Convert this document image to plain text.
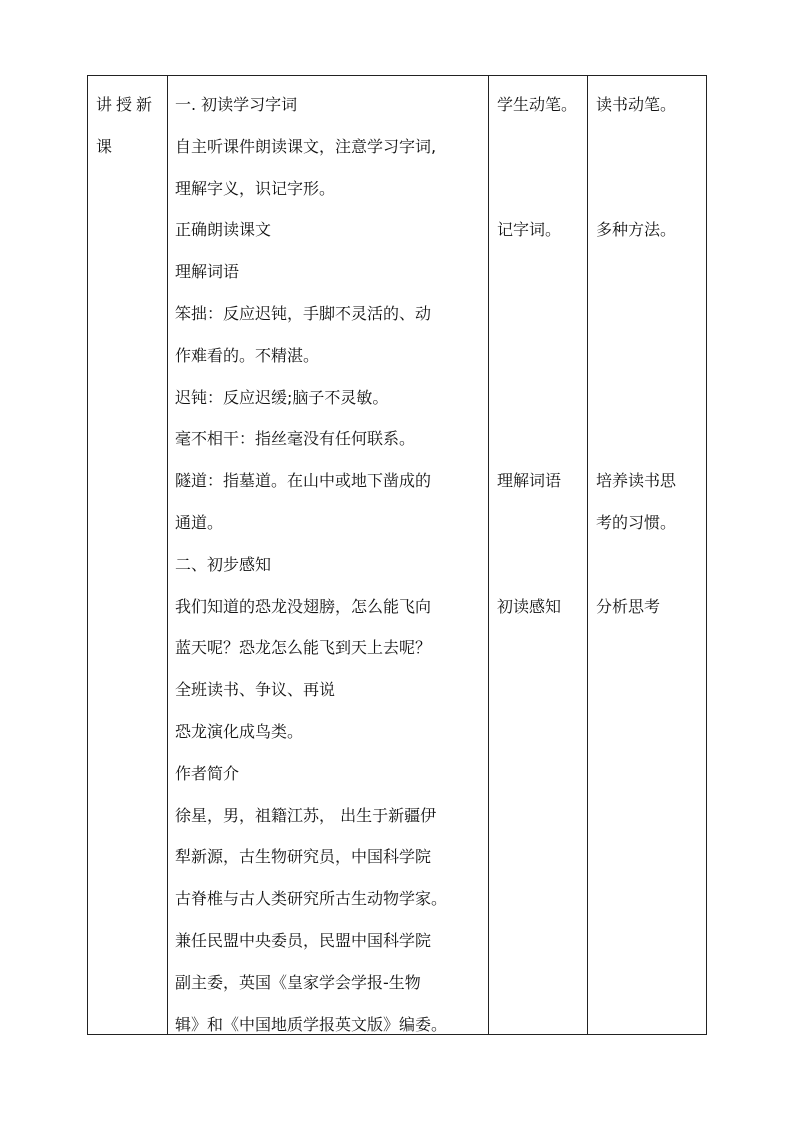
讲授新
课
一. 初读学习字词
自主听课件朗读课文，注意学习字词,
理解字义，识记字形。
正确朗读课文
理解词语
笨拙：反应迟钝，手脚不灵活的、动
作难看的。不精湛。
迟钝：反应迟缓;脑子不灵敏。
毫不相干：指丝毫没有任何联系。
隧道：指墓道。在山中或地下凿成的
通道。
二、初步感知
我们知道的恐龙没翅膀，怎么能飞向
蓝天呢？恐龙怎么能飞到天上去呢？
全班读书、争议、再说
恐龙演化成鸟类。
作者简介
徐星，男，祖籍江苏， 出生于新疆伊
犁新源，古生物研究员，中国科学院
古脊椎与古人类研究所古生动物学家。
兼任民盟中央委员，民盟中国科学院
副主委，英国《皇家学会学报-生物
辑》和《中国地质学报英文版》编委。
学生动笔。
记字词。
理解词语
初读感知
读书动笔。
多种方法。
培养读书思
考的习惯。
分析思考
